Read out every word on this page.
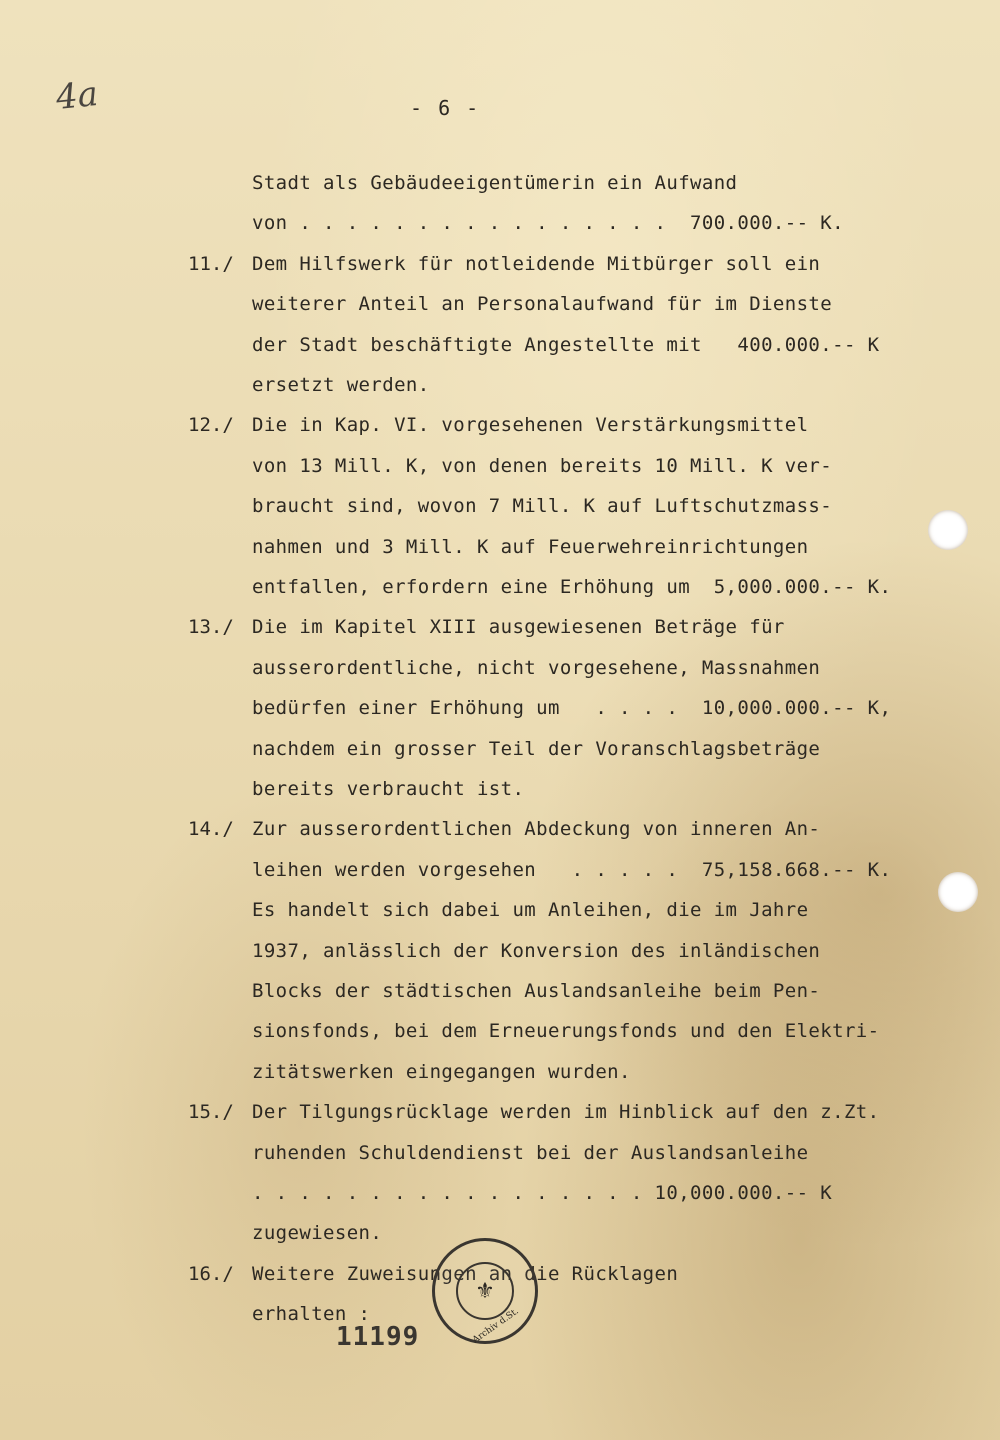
4a	- 6 -
Stadt als Gebäudeeigentümerin ein Aufwand
von . . . . . . . . . . . . . . . .  700.000.-- K.
11./ Dem Hilfswerk für notleidende Mitbürger soll ein
weiterer Anteil an Personalaufwand für im Dienste
der Stadt beschäftigte Angestellte mit   400.000.-- K
ersetzt werden.
12./ Die in Kap. VI. vorgesehenen Verstärkungsmittel
von 13 Mill. K, von denen bereits 10 Mill. K ver-
braucht sind, wovon 7 Mill. K auf Luftschutzmass-
nahmen und 3 Mill. K auf Feuerwehreinrichtungen
entfallen, erfordern eine Erhöhung um  5,000.000.-- K.
13./ Die im Kapitel XIII ausgewiesenen Beträge für
ausserordentliche, nicht vorgesehene, Massnahmen
bedürfen einer Erhöhung um   . . . .  10,000.000.-- K,
nachdem ein grosser Teil der Voranschlagsbeträge
bereits verbraucht ist.
14./ Zur ausserordentlichen Abdeckung von inneren An-
leihen werden vorgesehen   . . . . .  75,158.668.-- K.
Es handelt sich dabei um Anleihen, die im Jahre
1937, anlässlich der Konversion des inländischen
Blocks der städtischen Auslandsanleihe beim Pen-
sionsfonds, bei dem Erneuerungsfonds und den Elektri-
zitätswerken eingegangen wurden.
15./ Der Tilgungsrücklage werden im Hinblick auf den z.Zt.
ruhenden Schuldendienst bei der Auslandsanleihe
. . . . . . . . . . . . . . . . . 10,000.000.-- K
zugewiesen.
16./ Weitere Zuweisungen an die Rücklagen
erhalten :
⚜
Archiv d.St.
11199
